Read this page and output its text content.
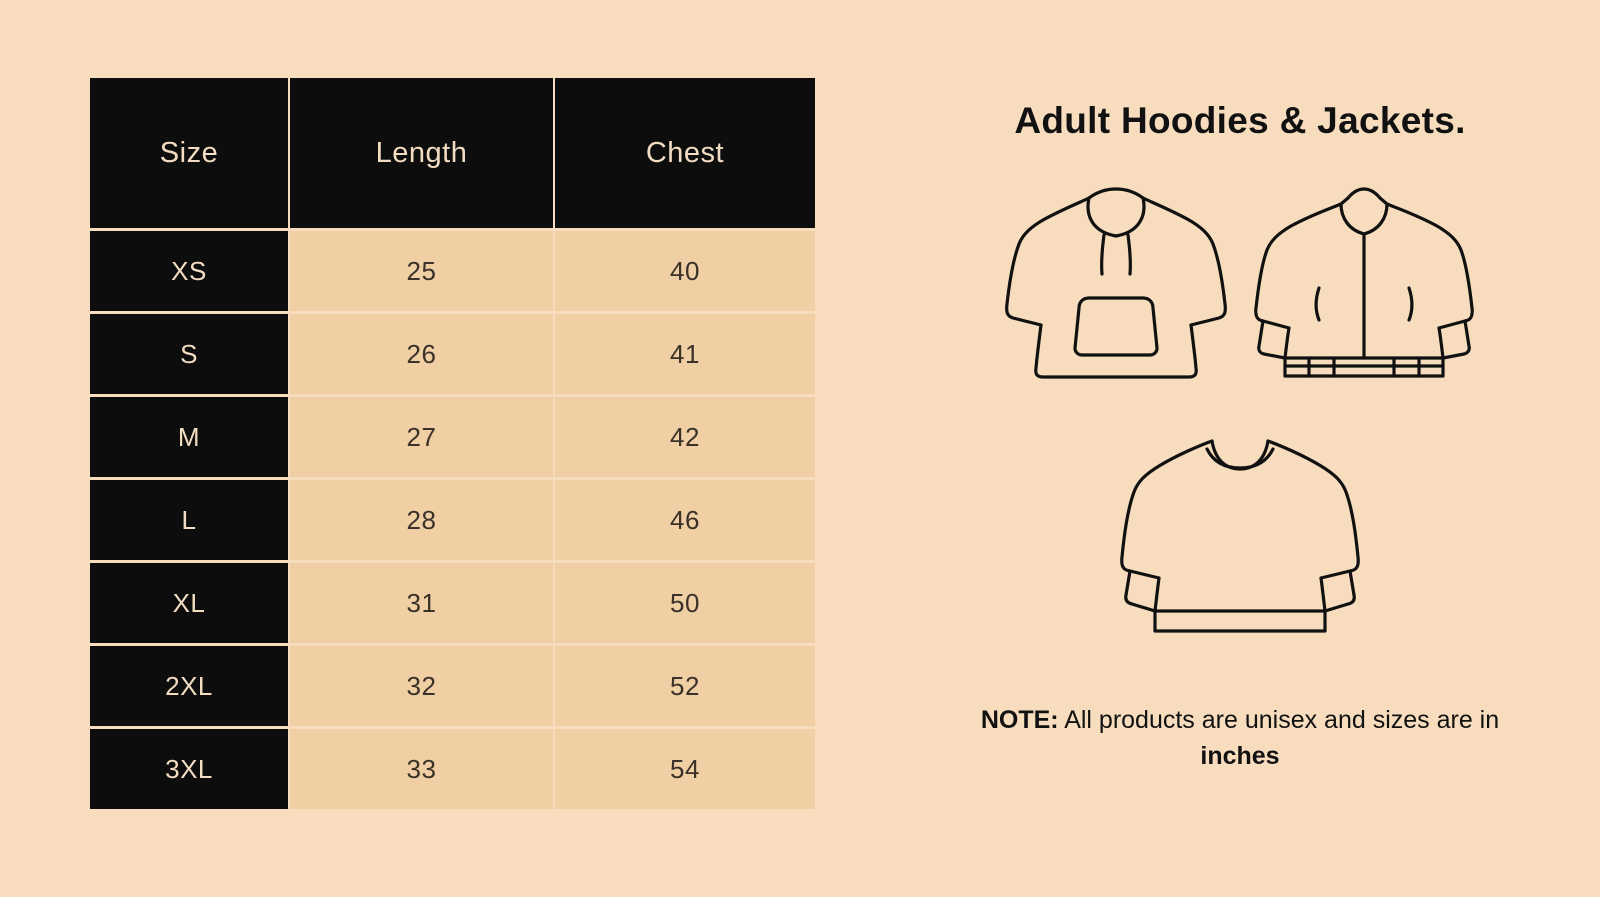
Size	Length	Chest
XS	25	40
S	26	41
M	27	42
L	28	46
XL	31	50
2XL	32	52
3XL	33	54
Adult Hoodies & Jackets.
NOTE: All products are unisex and sizes are in inches
